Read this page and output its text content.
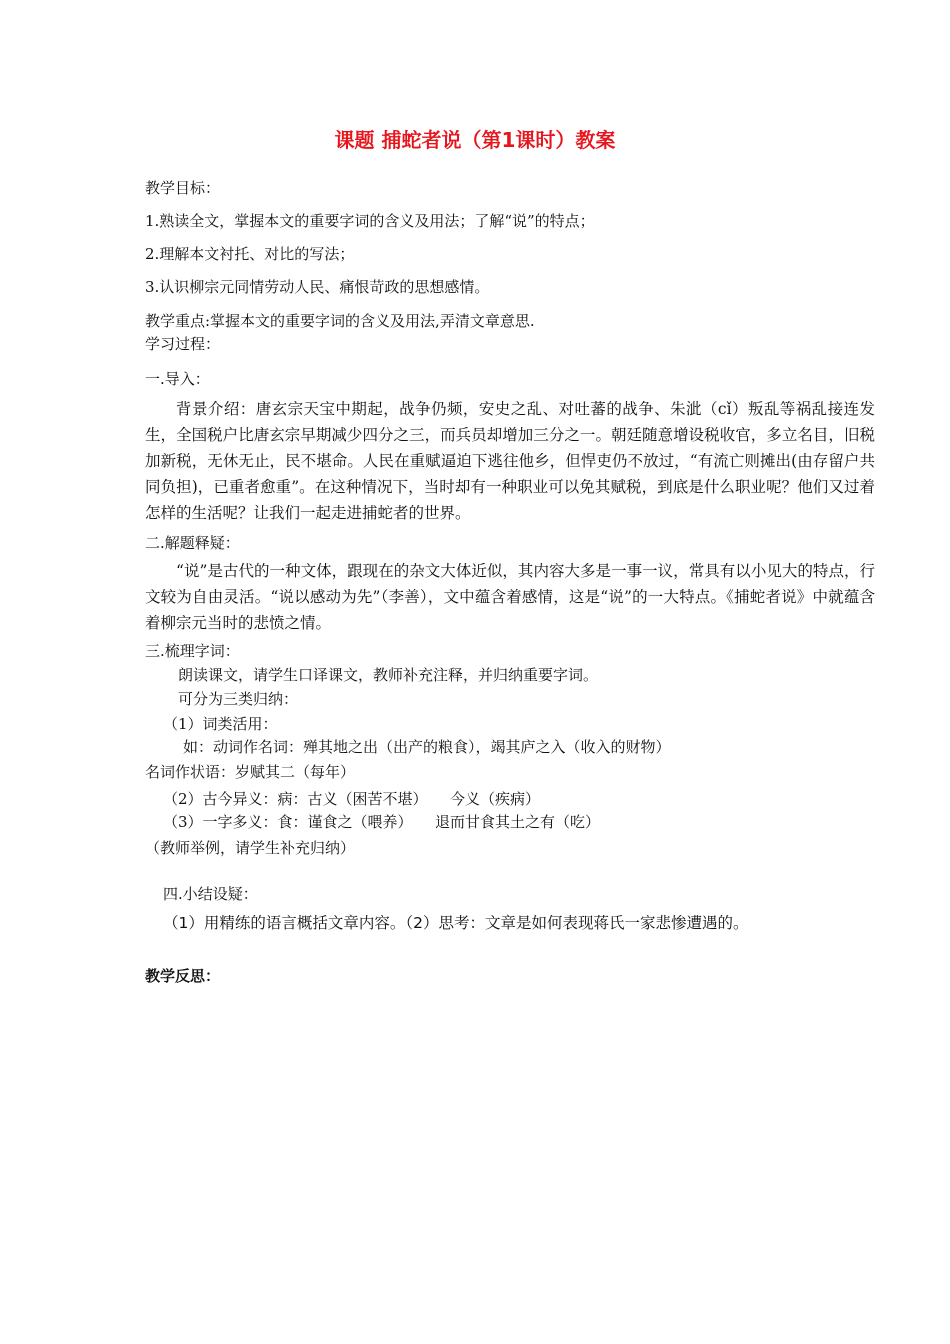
课题 捕蛇者说（第1课时）教案
教学目标：
1.熟读全文，掌握本文的重要字词的含义及用法；了解“说”的特点；
2.理解本文衬托、对比的写法；
3.认识柳宗元同情劳动人民、痛恨苛政的思想感情。
教学重点:掌握本文的重要字词的含义及用法,弄清文章意思.
学习过程：
一.导入：
背景介绍：唐玄宗天宝中期起，战争仍频，安史之乱、对吐蕃的战争、朱泚（cǐ）叛乱等祸乱接连发生，全国税户比唐玄宗早期减少四分之三，而兵员却增加三分之一。朝廷随意增设税收官，多立名目，旧税加新税，无休无止，民不堪命。人民在重赋逼迫下逃往他乡，但悍吏仍不放过，“有流亡则摊出(由存留户共同负担)，已重者愈重”。在这种情况下，当时却有一种职业可以免其赋税，到底是什么职业呢？他们又过着怎样的生活呢？让我们一起走进捕蛇者的世界。
二.解题释疑：
“说”是古代的一种文体，跟现在的杂文大体近似，其内容大多是一事一议，常具有以小见大的特点，行文较为自由灵活。“说以感动为先”（李善），文中蕴含着感情，这是“说”的一大特点。《捕蛇者说》中就蕴含着柳宗元当时的悲愤之情。
三.梳理字词：
朗读课文，请学生口译课文，教师补充注释，并归纳重要字词。
可分为三类归纳：
（1）词类活用：
如：动词作名词：殚其地之出（出产的粮食），竭其庐之入（收入的财物）
名词作状语：岁赋其二（每年）
（2）古今异义：病：古义（困苦不堪）　　今义（疾病）
（3）一字多义：食：谨食之（喂养）　　退而甘食其土之有（吃）
（教师举例，请学生补充归纳）
四.小结设疑：
（1）用精练的语言概括文章内容。（2）思考：文章是如何表现蒋氏一家悲惨遭遇的。
教学反思：
